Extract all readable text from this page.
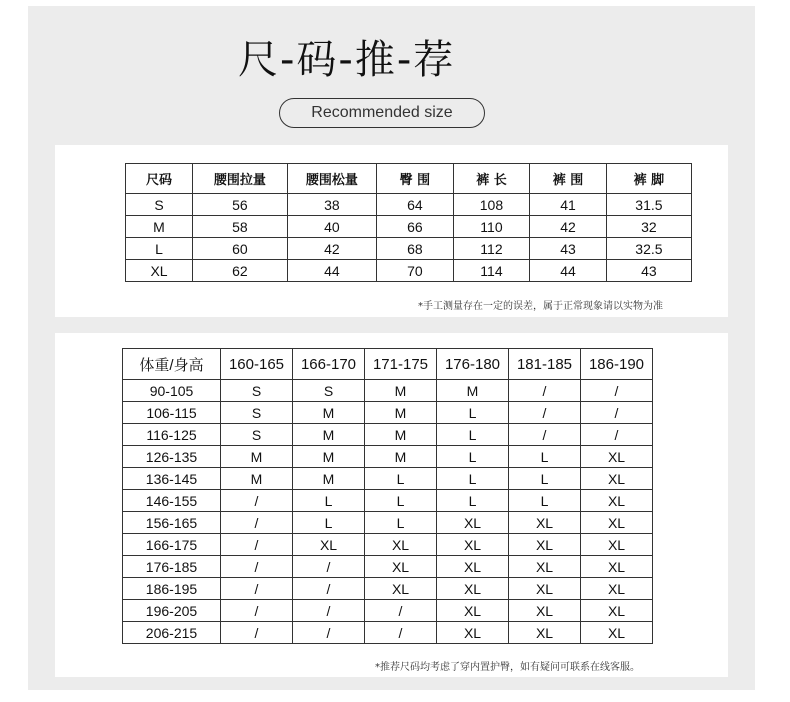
尺-码-推-荐
Recommended size
尺码	腰围拉量	腰围松量	臀 围	裤 长	裤 围	裤 脚
S	56	38	64	108	41	31.5
M	58	40	66	110	42	32
L	60	42	68	112	43	32.5
XL	62	44	70	114	44	43
*手工测量存在一定的误差，属于正常现象请以实物为准
体重/身高	160-165	166-170	171-175	176-180	181-185	186-190
90-105	S	S	M	M	/	/
106-115	S	M	M	L	/	/
116-125	S	M	M	L	/	/
126-135	M	M	M	L	L	XL
136-145	M	M	L	L	L	XL
146-155	/	L	L	L	L	XL
156-165	/	L	L	XL	XL	XL
166-175	/	XL	XL	XL	XL	XL
176-185	/	/	XL	XL	XL	XL
186-195	/	/	XL	XL	XL	XL
196-205	/	/	/	XL	XL	XL
206-215	/	/	/	XL	XL	XL
*推荐尺码均考虑了穿内置护臀，如有疑问可联系在线客服。
